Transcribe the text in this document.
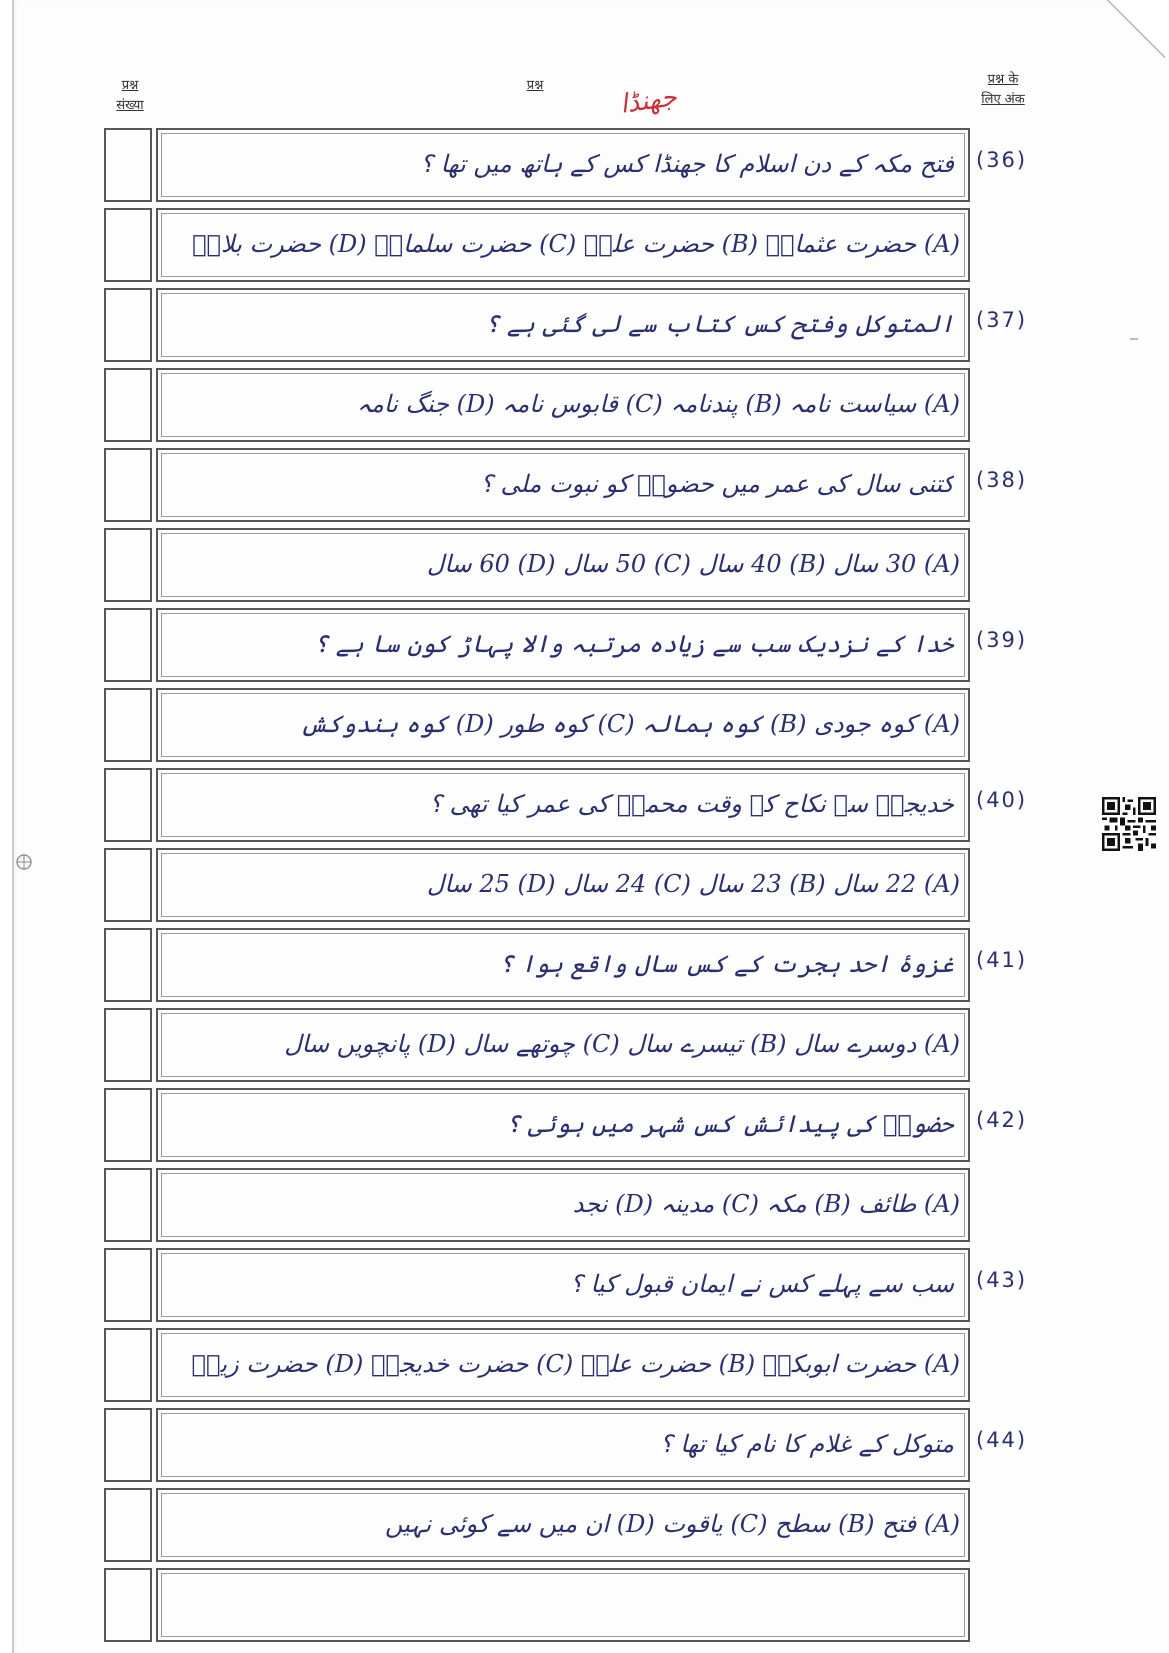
प्रश्न
संख्या
प्रश्न	प्रश्न के
लिए अंक
جھنڈا
فتح مکہ کے دن اسلام کا جھنڈا کس کے ہاتھ میں تھا ؟ (36)
(A) حضرت عثمانؓ (B) حضرت علیؓ (C) حضرت سلمانؓ (D) حضرت بلالؓ
المتوکل وفتح کس کتاب سے لی گئی ہے ؟ (37)
(A) سیاست نامہ (B) پندنامہ (C) قابوس نامہ (D) جنگ نامہ
کتنی سال کی عمر میں حضورؐ کو نبوت ملی ؟ (38)
(A) 30 سال (B) 40 سال (C) 50 سال (D) 60 سال
خدا کے نزدیک سب سے زیادہ مرتبہ والا پہاڑ کون سا ہے ؟ (39)
(A) کوہ جودی (B) کوہ ہمالہ (C) کوہ طور (D) کوہ ہندوکش
خدیجہؓ سے نکاح کے وقت محمدؐ کی عمر کیا تھی ؟ (40)
(A) 22 سال (B) 23 سال (C) 24 سال (D) 25 سال
غزوۂ احد ہجرت کے کس سال واقع ہوا ؟ (41)
(A) دوسرے سال (B) تیسرے سال (C) چوتھے سال (D) پانچویں سال
حضورؐ کی پیدائش کس شہر میں ہوئی ؟ (42)
(A) طائف (B) مکہ (C) مدینہ (D) نجد
سب سے پہلے کس نے ایمان قبول کیا ؟ (43)
(A) حضرت ابوبکرؓ (B) حضرت علیؓ (C) حضرت خدیجہؓ (D) حضرت زیدؓ
متوکل کے غلام کا نام کیا تھا ؟ (44)
(A) فتح (B) سطح (C) یاقوت (D) ان میں سے کوئی نہیں
